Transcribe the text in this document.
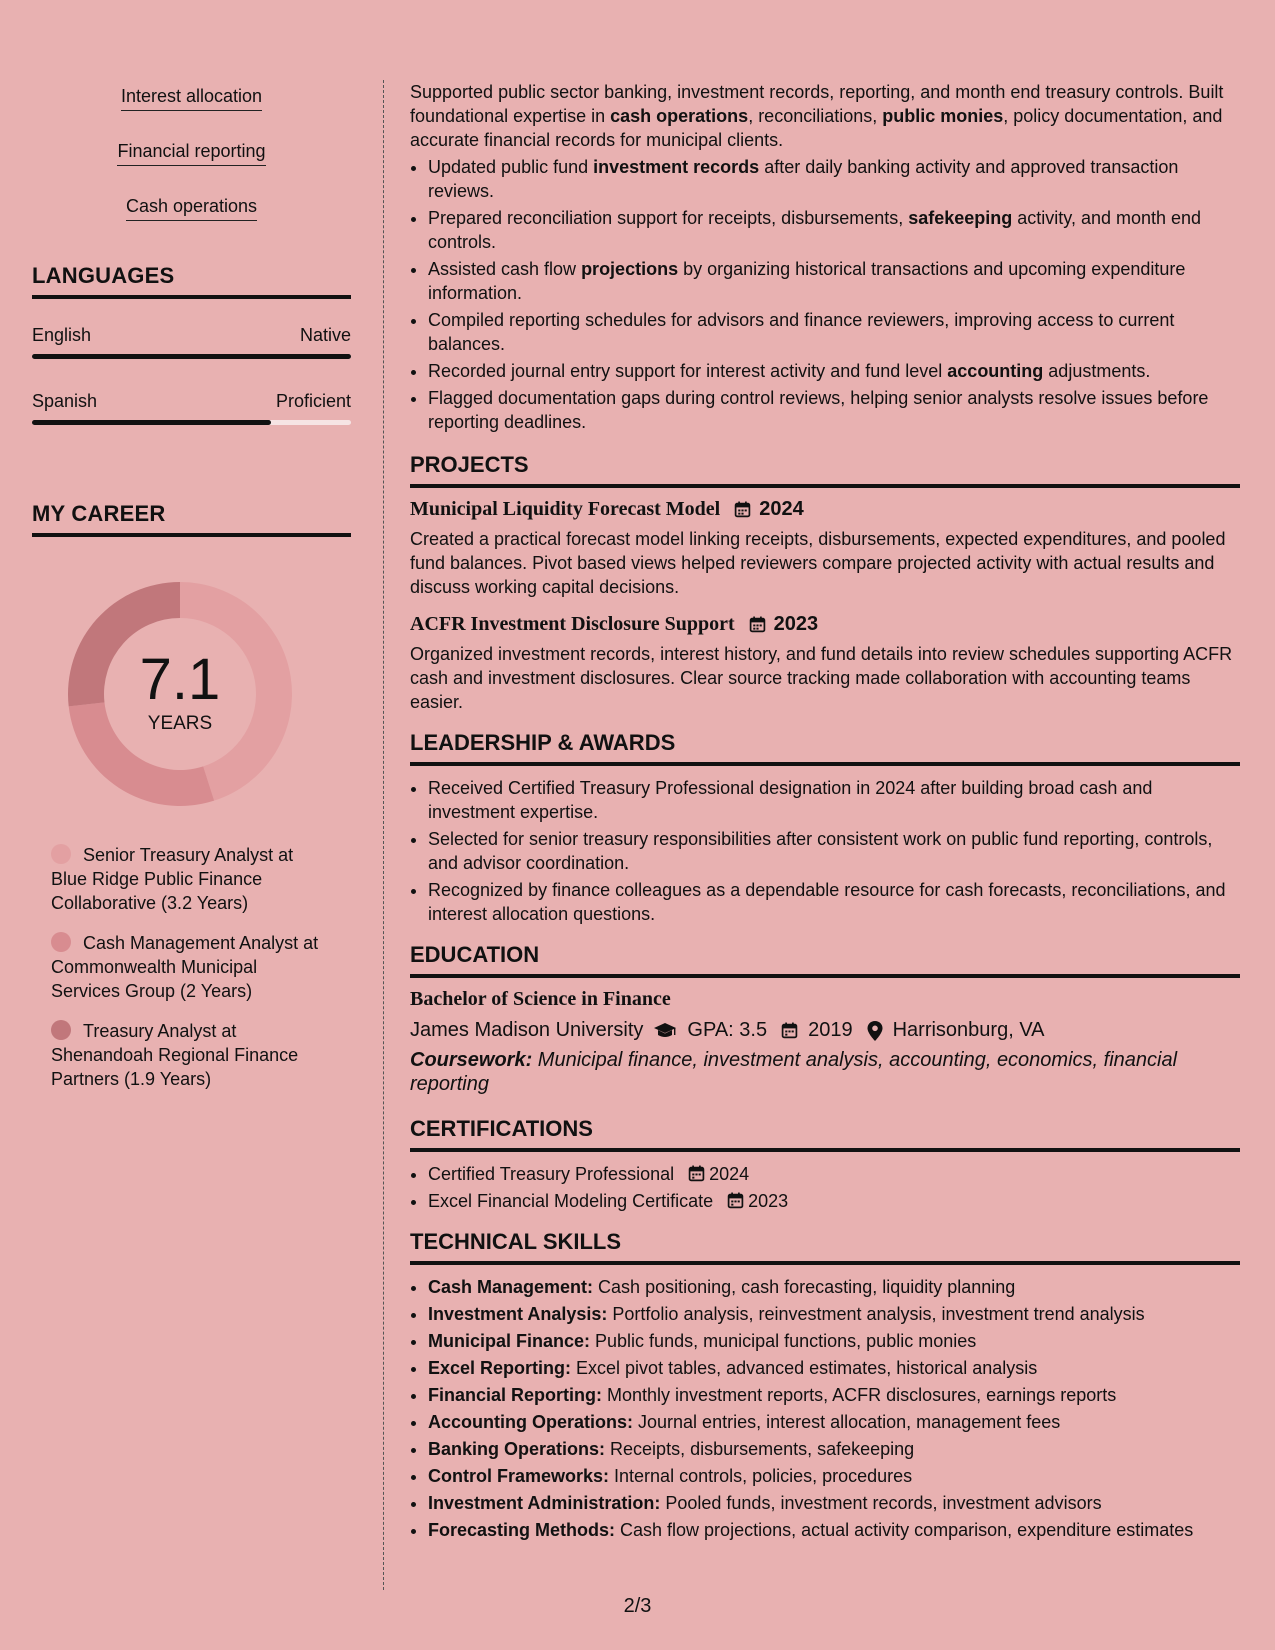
Interest allocation
Financial reporting
Cash operations
LANGUAGES
English	Native
Spanish	Proficient
MY CAREER
7.1
YEARS
Senior Treasury Analyst at Blue Ridge Public Finance Collaborative (3.2 Years)
Cash Management Analyst at Commonwealth Municipal Services Group (2 Years)
Treasury Analyst at Shenandoah Regional Finance Partners (1.9 Years)

Supported public sector banking, investment records, reporting, and month end treasury controls. Built foundational expertise in cash operations, reconciliations, public monies, policy documentation, and accurate financial records for municipal clients.

• Updated public fund investment records after daily banking activity and approved transaction reviews.
• Prepared reconciliation support for receipts, disbursements, safekeeping activity, and month end controls.
• Assisted cash flow projections by organizing historical transactions and upcoming expenditure information.
• Compiled reporting schedules for advisors and finance reviewers, improving access to current balances.
• Recorded journal entry support for interest activity and fund level accounting adjustments.
• Flagged documentation gaps during control reviews, helping senior analysts resolve issues before reporting deadlines.
PROJECTS
Municipal Liquidity Forecast Model 2024

Created a practical forecast model linking receipts, disbursements, expected expenditures, and pooled fund balances. Pivot based views helped reviewers compare projected activity with actual results and discuss working capital decisions.

ACFR Investment Disclosure Support 2023

Organized investment records, interest history, and fund details into review schedules supporting ACFR cash and investment disclosures. Clear source tracking made collaboration with accounting teams easier.

LEADERSHIP & AWARDS
• Received Certified Treasury Professional designation in 2024 after building broad cash and investment expertise.
• Selected for senior treasury responsibilities after consistent work on public fund reporting, controls, and advisor coordination.
• Recognized by finance colleagues as a dependable resource for cash forecasts, reconciliations, and interest allocation questions.
EDUCATION
Bachelor of Science in Finance
James Madison University GPA: 3.5 2019 Harrisonburg, VA

Coursework: Municipal finance, investment analysis, accounting, economics, financial reporting

CERTIFICATIONS
• Certified Treasury Professional 2024
• Excel Financial Modeling Certificate 2023
TECHNICAL SKILLS
• Cash Management: Cash positioning, cash forecasting, liquidity planning
• Investment Analysis: Portfolio analysis, reinvestment analysis, investment trend analysis
• Municipal Finance: Public funds, municipal functions, public monies
• Excel Reporting: Excel pivot tables, advanced estimates, historical analysis
• Financial Reporting: Monthly investment reports, ACFR disclosures, earnings reports
• Accounting Operations: Journal entries, interest allocation, management fees
• Banking Operations: Receipts, disbursements, safekeeping
• Control Frameworks: Internal controls, policies, procedures
• Investment Administration: Pooled funds, investment records, investment advisors
• Forecasting Methods: Cash flow projections, actual activity comparison, expenditure estimates
2/3
